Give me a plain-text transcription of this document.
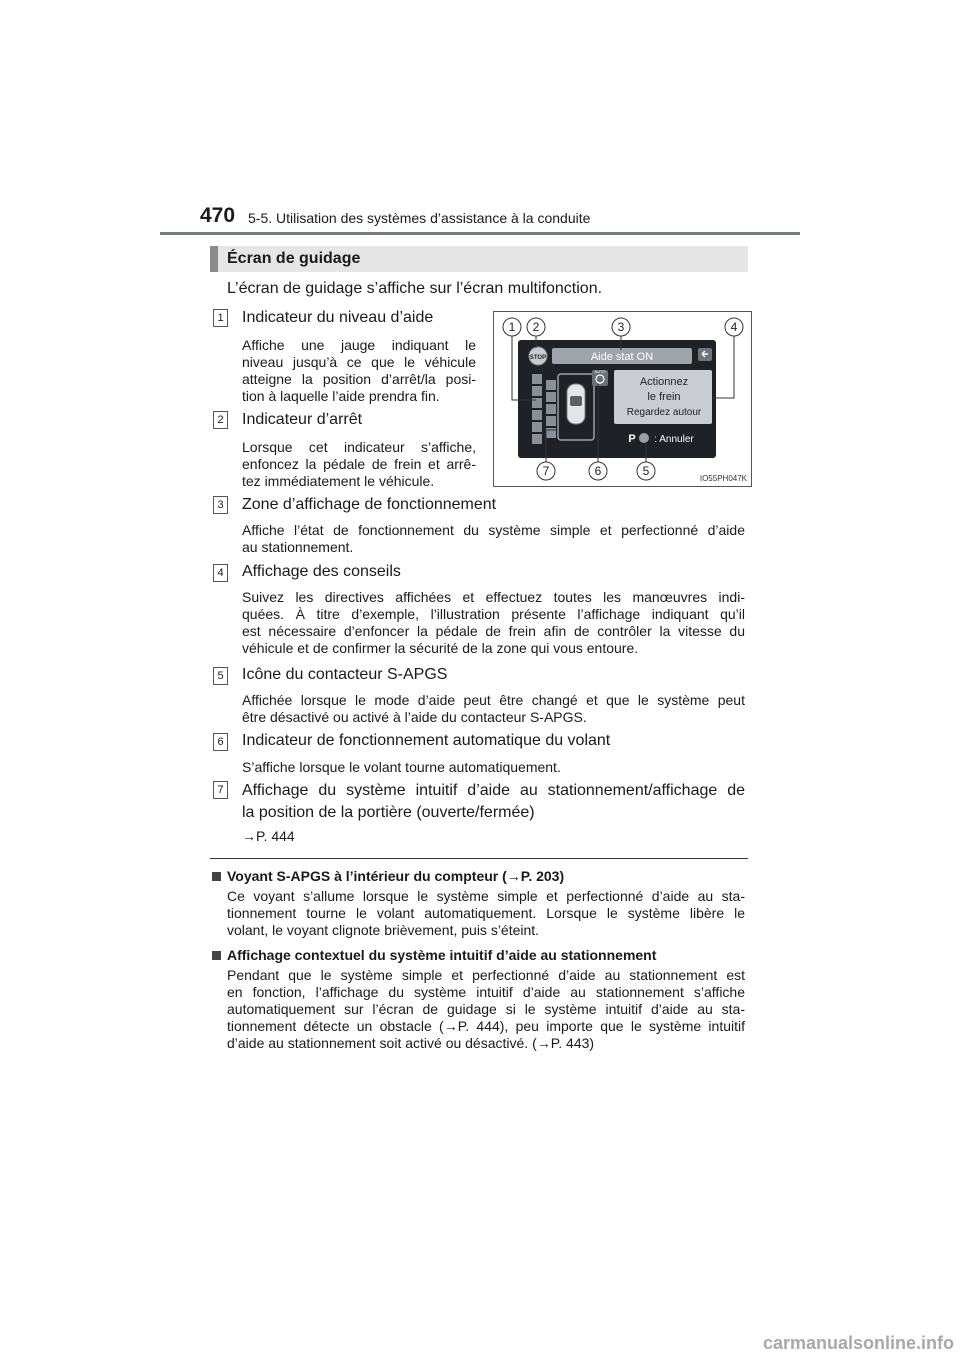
470 5-5. Utilisation des systèmes d’assistance à la conduite
Écran de guidage
L’écran de guidage s’affiche sur l’écran multifonction.
1 Indicateur du niveau d’aide
Affiche une jauge indiquant le
niveau jusqu’à ce que le véhicule
atteigne la position d’arrêt/la posi-
tion à laquelle l’aide prendra fin.
2 Indicateur d’arrêt
Lorsque cet indicateur s’affiche,
enfoncez la pédale de frein et arrê-
tez immédiatement le véhicule.
STOP	Aide stat ON
AUTO
Actionnez
le frein
Regardez autour
P : Annuler
1 2	3	4
7	6	5
IO55PH047K
3 Zone d’affichage de fonctionnement
Affiche l’état de fonctionnement du système simple et perfectionné d’aide
au stationnement.
4 Affichage des conseils
Suivez les directives affichées et effectuez toutes les manœuvres indi-
quées. À titre d’exemple, l’illustration présente l’affichage indiquant qu’il
est nécessaire d’enfoncer la pédale de frein afin de contrôler la vitesse du
véhicule et de confirmer la sécurité de la zone qui vous entoure.
5 Icône du contacteur S-APGS
Affichée lorsque le mode d’aide peut être changé et que le système peut
être désactivé ou activé à l’aide du contacteur S-APGS.
6 Indicateur de fonctionnement automatique du volant
S’affiche lorsque le volant tourne automatiquement.
7 Affichage du système intuitif d’aide au stationnement/affichage de
la position de la portière (ouverte/fermée)
→P. 444
Voyant S-APGS à l’intérieur du compteur (→P. 203)
Ce voyant s’allume lorsque le système simple et perfectionné d’aide au sta-
tionnement tourne le volant automatiquement. Lorsque le système libère le
volant, le voyant clignote brièvement, puis s’éteint.
Affichage contextuel du système intuitif d’aide au stationnement
Pendant que le système simple et perfectionné d’aide au stationnement est
en fonction, l’affichage du système intuitif d’aide au stationnement s’affiche
automatiquement sur l’écran de guidage si le système intuitif d’aide au sta-
tionnement détecte un obstacle (→P. 444), peu importe que le système intuitif
d’aide au stationnement soit activé ou désactivé. (→P. 443)
carmanualsonline.info
